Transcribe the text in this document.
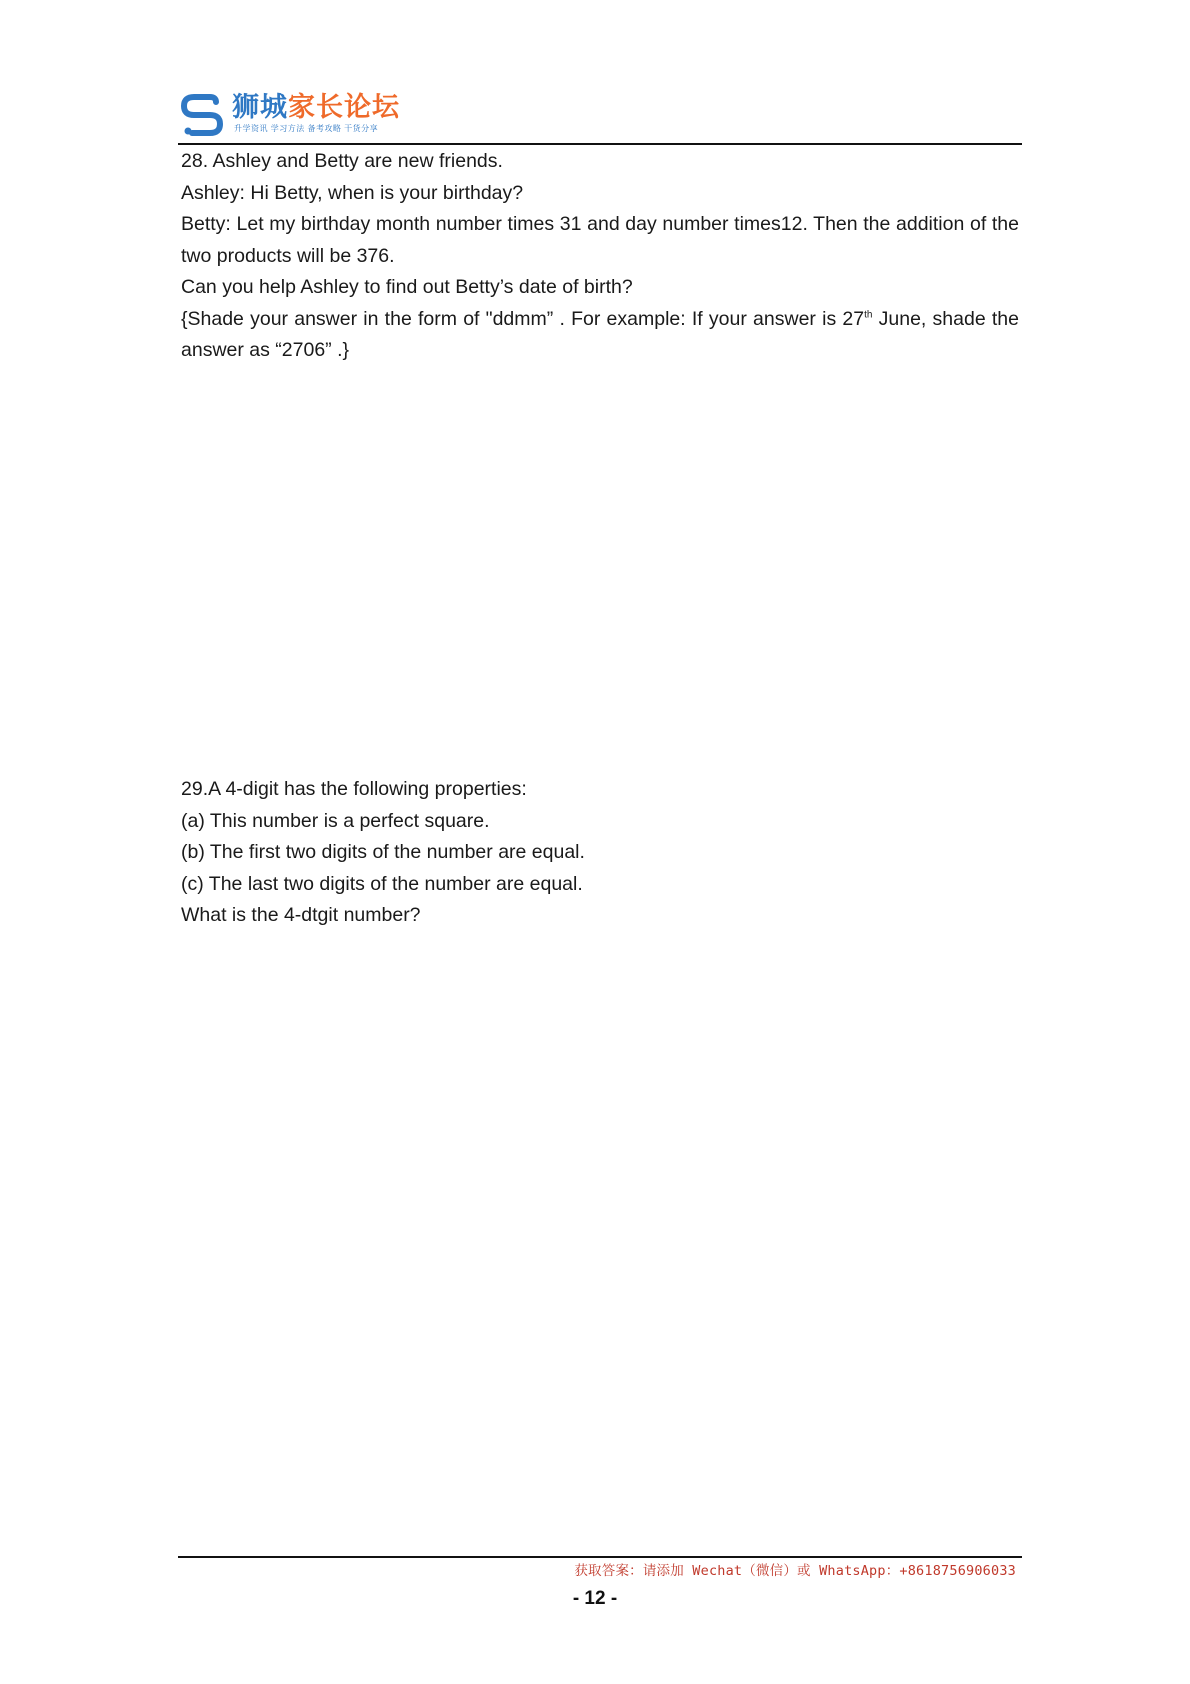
狮城家长论坛
升学资讯 学习方法 备考攻略 干货分享

28. Ashley and Betty are new friends.

Ashley: Hi Betty, when is your birthday?

Betty: Let my birthday month number times 31 and day number times12. Then the addition of the two products will be 376.

Can you help Ashley to find out Betty’s date of birth?

{Shade your answer in the form of "ddmm” . For example: If your answer is 27th June, shade the answer as “2706” .}

29.A 4-digit has the following properties:

(a) This number is a perfect square.

(b) The first two digits of the number are equal.

(c) The last two digits of the number are equal.

What is the 4-dtgit number?

获取答案：请添加 Wechat（微信）或 WhatsApp：+8618756906033
- 12 -
